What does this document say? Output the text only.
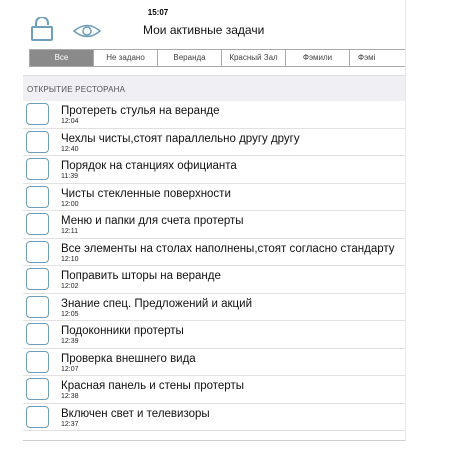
15:07
Мои активные задачи
Все	Не задано	Веранда	Красный Зал	Фэмили	Фэмі
ОТКРЫТИЕ РЕСТОРАНА
Протереть стулья на веранде
12:04
Чехлы чисты,стоят параллельно другу другу
12:40
Порядок на станциях официанта
11:39
Чисты стекленные поверхности
12:00
Меню и папки для счета протерты
12:11
Все элементы на столах наполнены,стоят согласно стандарту
12:10
Поправить шторы на веранде
12:02
Знание спец. Предложений и акций
12:05
Подоконники протерты
12:39
Проверка внешнего вида
12:07
Красная панель и стены протерты
12:38
Включен свет и телевизоры
12:37
